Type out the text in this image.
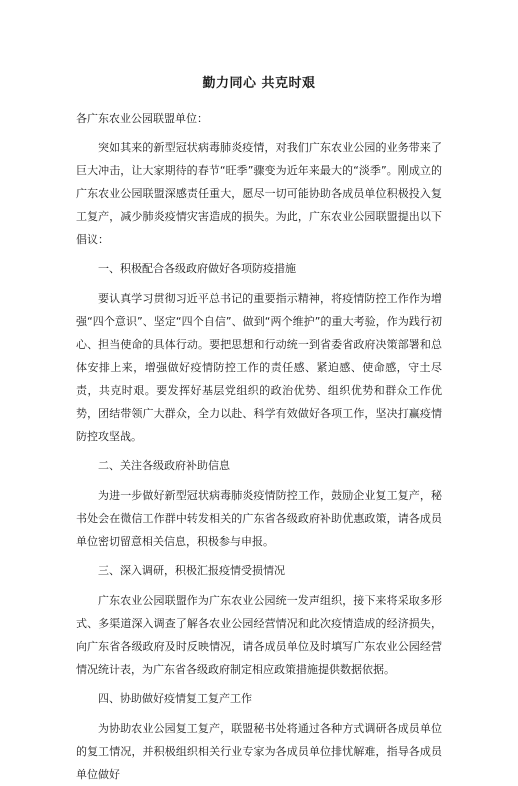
勤力同心 共克时艰

各广东农业公园联盟单位：

突如其来的新型冠状病毒肺炎疫情，对我们广东农业公园的业务带来了巨大冲击，让大家期待的春节“旺季”骤变为近年来最大的“淡季”。刚成立的广东农业公园联盟深感责任重大，愿尽一切可能协助各成员单位积极投入复工复产，减少肺炎疫情灾害造成的损失。为此，广东农业公园联盟提出以下倡议：

一、积极配合各级政府做好各项防疫措施

要认真学习贯彻习近平总书记的重要指示精神，将疫情防控工作作为增强“四个意识”、坚定“四个自信”、做到“两个维护”的重大考验，作为践行初心、担当使命的具体行动。要把思想和行动统一到省委省政府决策部署和总体安排上来，增强做好疫情防控工作的责任感、紧迫感、使命感，守土尽责，共克时艰。要发挥好基层党组织的政治优势、组织优势和群众工作优势，团结带领广大群众，全力以赴、科学有效做好各项工作，坚决打赢疫情防控攻坚战。

二、关注各级政府补助信息

为进一步做好新型冠状病毒肺炎疫情防控工作，鼓励企业复工复产，秘书处会在微信工作群中转发相关的广东省各级政府补助优惠政策，请各成员单位密切留意相关信息，积极参与申报。

三、深入调研，积极汇报疫情受损情况

广东农业公园联盟作为广东农业公园统一发声组织，接下来将采取多形式、多渠道深入调查了解各农业公园经营情况和此次疫情造成的经济损失，向广东省各级政府及时反映情况，请各成员单位及时填写广东农业公园经营情况统计表，为广东省各级政府制定相应政策措施提供数据依据。

四、协助做好疫情复工复产工作

为协助农业公园复工复产，联盟秘书处将通过各种方式调研各成员单位的复工情况，并积极组织相关行业专家为各成员单位排忧解难，指导各成员单位做好
